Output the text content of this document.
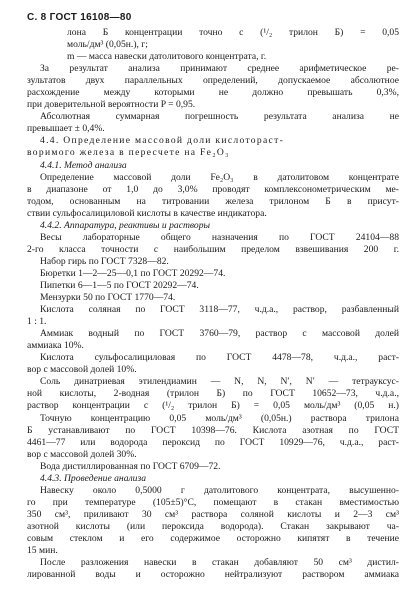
С. 8 ГОСТ 16108—80
лона Б концентрации точно с (¹/₂ трилон Б) = 0,05
моль/дм³ (0,05н.), г;
m — масса навески датолитового концентрата, г.
За результат анализа принимают среднее арифметическое ре-
зультатов двух параллельных определений, допускаемое абсолютное
расхождение между которыми не должно превышать 0,3%,
при доверительной вероятности P = 0,95.
Абсолютная суммарная погрешность результата анализа не
превышает ± 0,4%.
4.4. Определение массовой доли кислотораст-
воримого железа в пересчете на Fe₂O₃
4.4.1. Метод анализа
Определение массовой доли Fe₂O₃ в датолитовом концентрате
в диапазоне от 1,0 до 3,0% проводят комплексонометрическим ме-
тодом, основанным на титровании железа трилоном Б в присут-
ствии сульфосалициловой кислоты в качестве индикатора.
4.4.2. Аппаратура, реактивы и растворы
Весы лабораторные общего назначения по ГОСТ 24104—88
2-го класса точности с наибольшим пределом взвешивания 200 г.
Набор гирь по ГОСТ 7328—82.
Бюретки 1—2—25—0,1 по ГОСТ 20292—74.
Пипетки 6—1—5 по ГОСТ 20292—74.
Мензурки 50 по ГОСТ 1770—74.
Кислота соляная по ГОСТ 3118—77, ч.д.а., раствор, разбавленный
1 : 1.
Аммиак водный по ГОСТ 3760—79, раствор с массовой долей
аммиака 10%.
Кислота сульфосалициловая по ГОСТ 4478—78, ч.д.а., раст-
вор с массовой долей 10%.
Соль динатриевая этилендиамин — N, N, N′, N′ — тетрауксус-
ной кислоты, 2-водная (трилон Б) по ГОСТ 10652—73, ч.д.а.,
раствор концентрации с (¹/₂ трилон Б) = 0,05 моль/дм³ (0,05 н.)
Точную концентрацию 0,05 моль/дм³ (0,05н.) раствора трилона
Б устанавливают по ГОСТ 10398—76. Кислота азотная по ГОСТ
4461—77 или водорода пероксид по ГОСТ 10929—76, ч.д.а., раст-
вор с массовой долей 30%.
Вода дистиллированная по ГОСТ 6709—72.
4.4.3. Проведение анализа
Навеску около 0,5000 г датолитового концентрата, высушенно-
го при температуре (105±5)°С, помещают в стакан вместимостью
350 см³, приливают 30 см³ раствора соляной кислоты и 2—3 см³
азотной кислоты (или пероксида водорода). Стакан закрывают ча-
совым стеклом и его содержимое осторожно кипятят в течение
15 мин.
После разложения навески в стакан добавляют 50 см³ дистил-
лированной воды и осторожно нейтрализуют раствором аммиака
